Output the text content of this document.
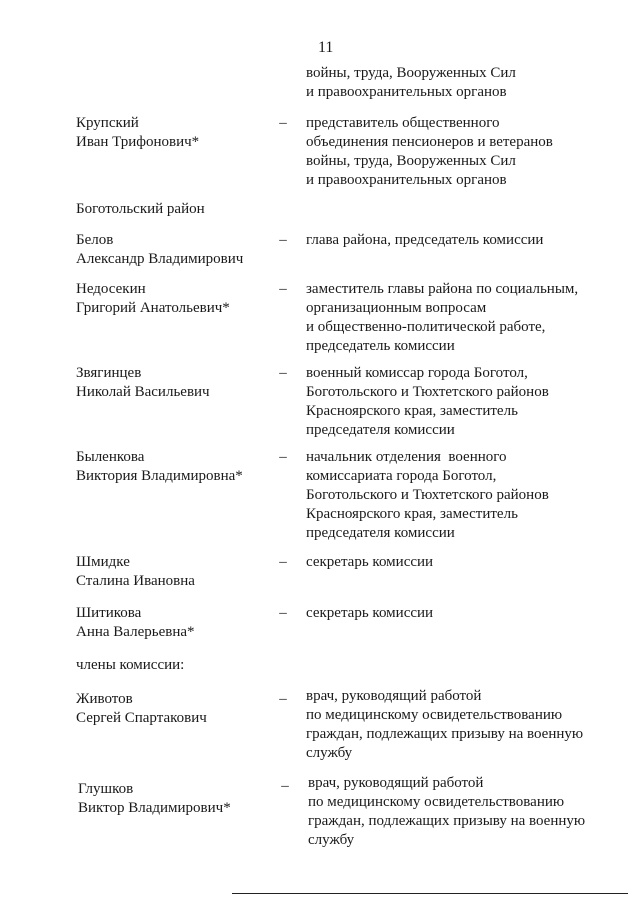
11
войны, труда, Вооруженных Сил
и правоохранительных органов
Крупский
Иван Трифонович*
– представитель общественного
объединения пенсионеров и ветеранов
войны, труда, Вооруженных Сил
и правоохранительных органов
Боготольский район
Белов
Александр Владимирович
– глава района, председатель комиссии
Недосекин
Григорий Анатольевич*
– заместитель главы района по социальным,
организационным вопросам
и общественно-политической работе,
председатель комиссии
Звягинцев
Николай Васильевич
– военный комиссар города Боготол,
Боготольского и Тюхтетского районов
Красноярского края, заместитель
председателя комиссии
Быленкова
Виктория Владимировна*
– начальник отделения  военного
комиссариата города Боготол,
Боготольского и Тюхтетского районов
Красноярского края, заместитель
председателя комиссии
Шмидке
Сталина Ивановна
– секретарь комиссии
Шитикова
Анна Валерьевна*
– секретарь комиссии
члены комиссии:
Животов
Сергей Спартакович
– врач, руководящий работой
по медицинскому освидетельствованию
граждан, подлежащих призыву на военную
службу
Глушков
Виктор Владимирович*
– врач, руководящий работой
по медицинскому освидетельствованию
граждан, подлежащих призыву на военную
службу
